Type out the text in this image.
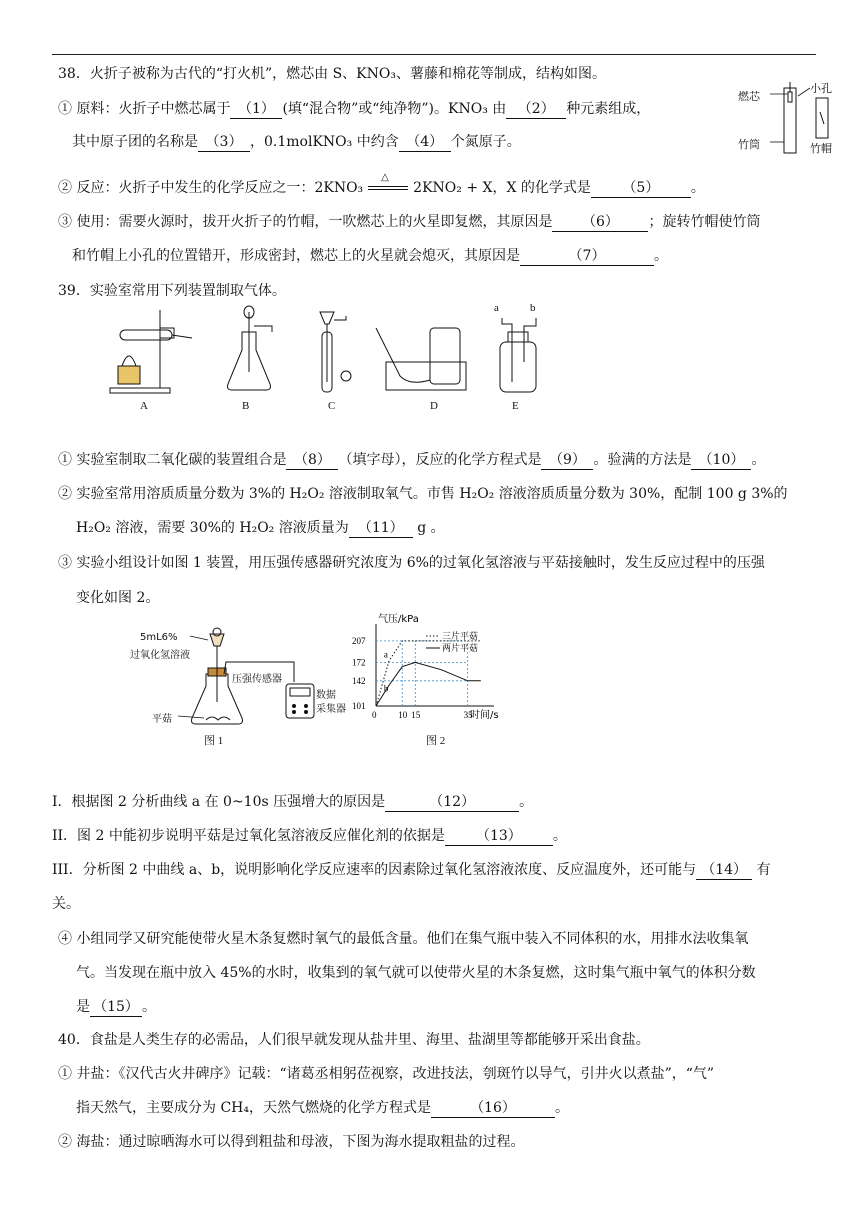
38．火折子被称为古代的“打火机”，燃芯由 S、KNO₃、薯藤和棉花等制成，结构如图。
① 原料：火折子中燃芯属于 （1） (填“混合物”或“纯净物”)。KNO₃ 由 （2） 种元素组成，
其中原子团的名称是 （3） ，0.1molKNO₃ 中约含 （4） 个氮原子。
② 反应：火折子中发生的化学反应之一：2KNO₃
△
2KNO₂ + X，X 的化学式是 （5） 。
③ 使用：需要火源时，拔开火折子的竹帽，一吹燃芯上的火星即复燃，其原因是 （6） ；旋转竹帽使竹筒
和竹帽上小孔的位置错开，形成密封，燃芯上的火星就会熄灭，其原因是	（7）	。
燃芯
小孔
竹筒	竹帽
39．实验室常用下列装置制取气体。
A	B	C	D	E
a	b
① 实验室制取二氧化碳的装置组合是 （8） （填字母），反应的化学方程式是 （9） 。验满的方法是 （10） 。
② 实验室常用溶质质量分数为 3%的 H₂O₂ 溶液制取氧气。市售 H₂O₂ 溶液溶质质量分数为 30%，配制 100 g 3%的
H₂O₂ 溶液，需要 30%的 H₂O₂ 溶液质量为 （11） g 。
③ 实验小组设计如图 1 装置，用压强传感器研究浓度为 6%的过氧化氢溶液与平菇接触时，发生反应过程中的压强
变化如图 2。
5mL6%
过氧化氢溶液
压强传感器
数据
采集器
平菇
图 1
气压/kPa
时间/s
101
142
172
207
0 10 15	35
三片平菇
两片平菇
a
b
图 2
I．根据图 2 分析曲线 a 在 0~10s 压强增大的原因是	（12）	。
II．图 2 中能初步说明平菇是过氧化氢溶液反应催化剂的依据是 （13） 。
III．分析图 2 中曲线 a、b，说明影响化学反应速率的因素除过氧化氢溶液浓度、反应温度外，还可能与 （14） 有
关。
④ 小组同学又研究能使带火星木条复燃时氧气的最低含量。他们在集气瓶中装入不同体积的水，用排水法收集氧
气。当发现在瓶中放入 45%的水时，收集到的氧气就可以使带火星的木条复燃，这时集气瓶中氧气的体积分数
是 （15） 。
40．食盐是人类生存的必需品，人们很早就发现从盐井里、海里、盐湖里等都能够开采出食盐。
① 井盐：《汉代古火井碑序》记载：“诸葛丞相躬莅视察，改进技法，刳斑竹以导气，引井火以煮盐”，“气”
指天然气，主要成分为 CH₄，天然气燃烧的化学方程式是	（16）	。
② 海盐：通过晾晒海水可以得到粗盐和母液，下图为海水提取粗盐的过程。
